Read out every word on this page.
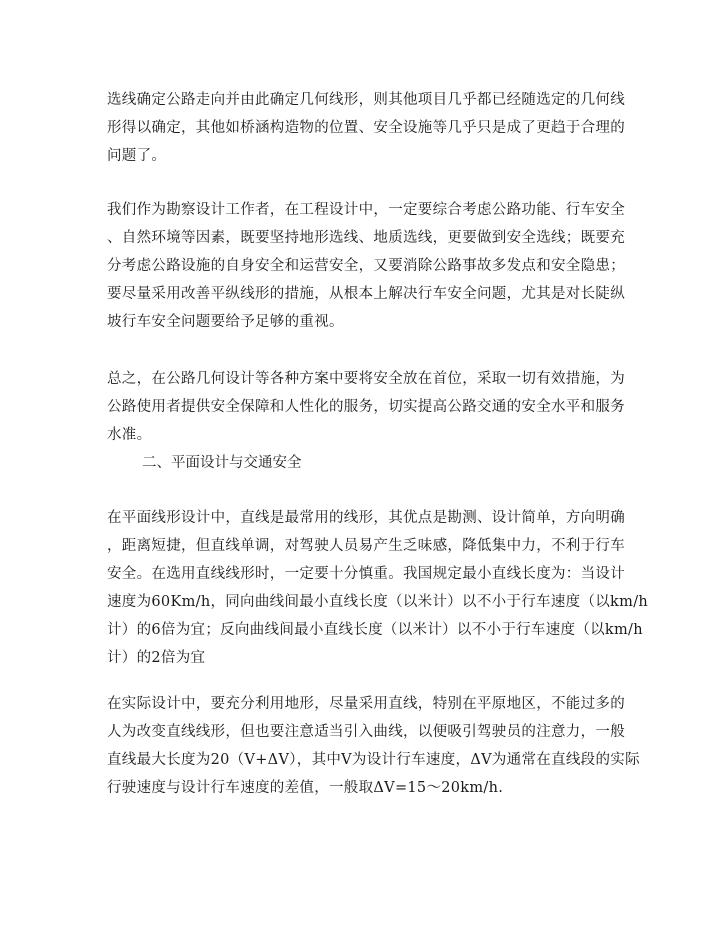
选线确定公路走向并由此确定几何线形，则其他项目几乎都已经随选定的几何线
形得以确定，其他如桥涵构造物的位置、安全设施等几乎只是成了更趋于合理的
问题了。
我们作为勘察设计工作者，在工程设计中，一定要综合考虑公路功能、行车安全
、自然环境等因素，既要坚持地形选线、地质选线，更要做到安全选线；既要充
分考虑公路设施的自身安全和运营安全，又要消除公路事故多发点和安全隐患；
要尽量采用改善平纵线形的措施，从根本上解决行车安全问题，尤其是对长陡纵
坡行车安全问题要给予足够的重视。
总之，在公路几何设计等各种方案中要将安全放在首位，采取一切有效措施，为
公路使用者提供安全保障和人性化的服务，切实提高公路交通的安全水平和服务
水准。
二、平面设计与交通安全
在平面线形设计中，直线是最常用的线形，其优点是勘测、设计简单，方向明确
，距离短捷，但直线单调，对驾驶人员易产生乏味感，降低集中力，不利于行车
安全。在选用直线线形时，一定要十分慎重。我国规定最小直线长度为：当设计
速度为60Km/h，同向曲线间最小直线长度（以米计）以不小于行车速度（以km/h
计）的6倍为宜；反向曲线间最小直线长度（以米计）以不小于行车速度（以km/h
计）的2倍为宜
在实际设计中，要充分利用地形，尽量采用直线，特别在平原地区，不能过多的
人为改变直线线形，但也要注意适当引入曲线，以便吸引驾驶员的注意力，一般
直线最大长度为20（V+ΔV），其中V为设计行车速度，ΔV为通常在直线段的实际
行驶速度与设计行车速度的差值，一般取ΔV=15～20km/h.
